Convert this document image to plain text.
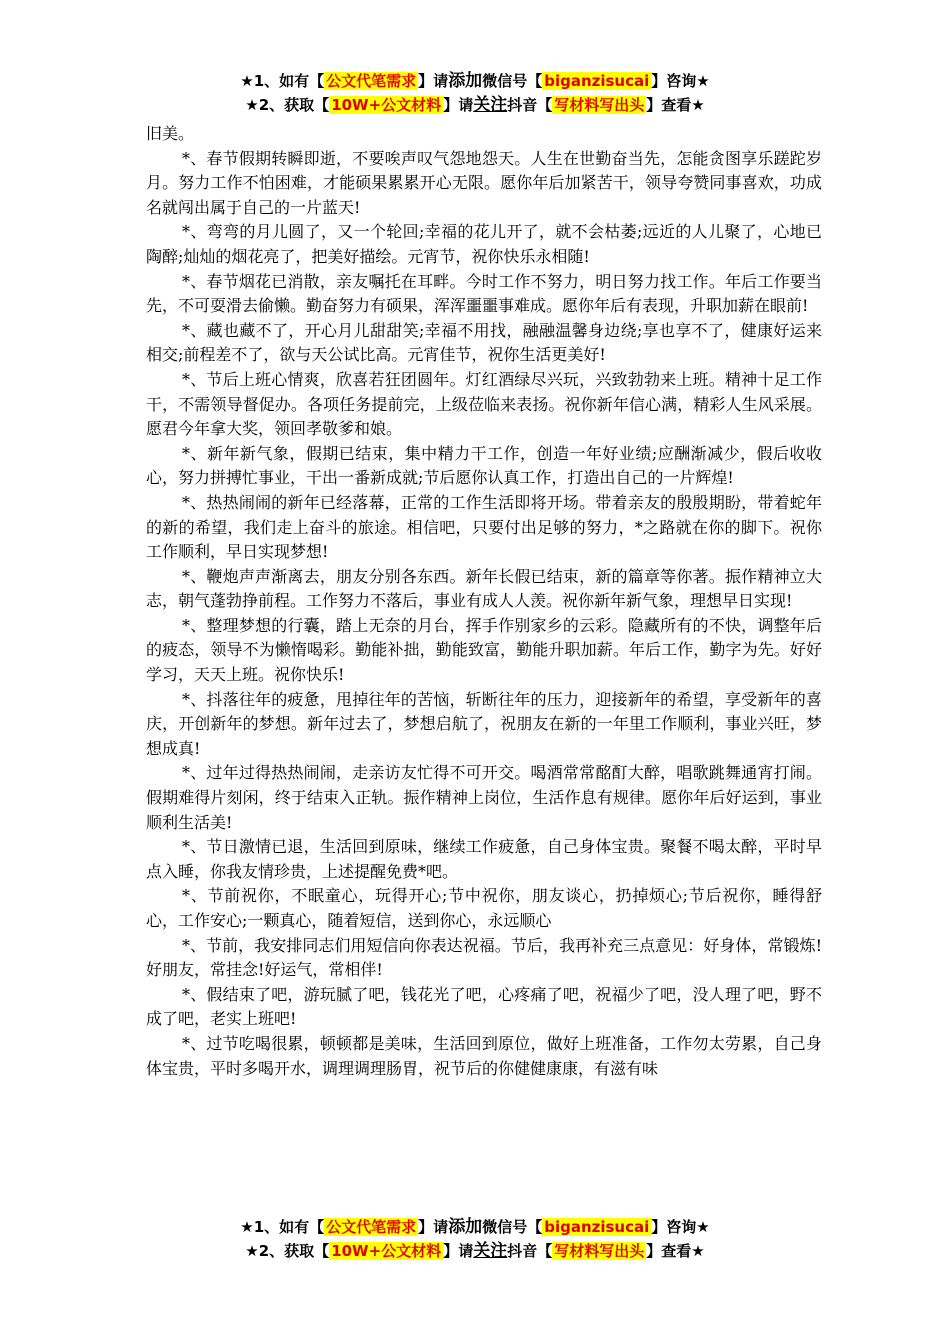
★1、如有【 公文代笔需求 】请添加微信号【 biganzisucai 】咨询★
★2、获取【 10W+公文材料 】请关注抖音【 写材料写出头 】查看★

旧美。

*、春节假期转瞬即逝，不要唉声叹气怨地怨天。人生在世勤奋当先，怎能贪图享乐蹉跎岁月。努力工作不怕困难，才能硕果累累开心无限。愿你年后加紧苦干，领导夸赞同事喜欢，功成名就闯出属于自己的一片蓝天!

*、弯弯的月儿圆了，又一个轮回;幸福的花儿开了，就不会枯萎;远近的人儿聚了，心地已陶醉;灿灿的烟花亮了，把美好描绘。元宵节，祝你快乐永相随!

*、春节烟花已消散，亲友嘱托在耳畔。今时工作不努力，明日努力找工作。年后工作要当先，不可耍滑去偷懒。勤奋努力有硕果，浑浑噩噩事难成。愿你年后有表现，升职加薪在眼前!

*、藏也藏不了，开心月儿甜甜笑;幸福不用找，融融温馨身边绕;享也享不了，健康好运来相交;前程差不了，欲与天公试比高。元宵佳节，祝你生活更美好!

*、节后上班心情爽，欣喜若狂团圆年。灯红酒绿尽兴玩，兴致勃勃来上班。精神十足工作干，不需领导督促办。各项任务提前完，上级莅临来表扬。祝你新年信心满，精彩人生风采展。愿君今年拿大奖，领回孝敬爹和娘。

*、新年新气象，假期已结束，集中精力干工作，创造一年好业绩;应酬渐减少，假后收收心，努力拼搏忙事业，干出一番新成就;节后愿你认真工作，打造出自己的一片辉煌!

*、热热闹闹的新年已经落幕，正常的工作生活即将开场。带着亲友的殷殷期盼，带着蛇年的新的希望，我们走上奋斗的旅途。相信吧，只要付出足够的努力，*之路就在你的脚下。祝你工作顺利，早日实现梦想!

*、鞭炮声声渐离去，朋友分别各东西。新年长假已结束，新的篇章等你著。振作精神立大志，朝气蓬勃挣前程。工作努力不落后，事业有成人人羡。祝你新年新气象，理想早日实现!

*、整理梦想的行囊，踏上无奈的月台，挥手作别家乡的云彩。隐藏所有的不快，调整年后的疲态，领导不为懒惰喝彩。勤能补拙，勤能致富，勤能升职加薪。年后工作，勤字为先。好好学习，天天上班。祝你快乐!

*、抖落往年的疲惫，甩掉往年的苦恼，斩断往年的压力，迎接新年的希望，享受新年的喜庆，开创新年的梦想。新年过去了，梦想启航了，祝朋友在新的一年里工作顺利，事业兴旺，梦想成真!

*、过年过得热热闹闹，走亲访友忙得不可开交。喝酒常常酩酊大醉，唱歌跳舞通宵打闹。假期难得片刻闲，终于结束入正轨。振作精神上岗位，生活作息有规律。愿你年后好运到，事业顺利生活美!

*、节日激情已退，生活回到原味，继续工作疲惫，自己身体宝贵。聚餐不喝太醉，平时早点入睡，你我友情珍贵，上述提醒免费*吧。

*、节前祝你，不眠童心，玩得开心;节中祝你，朋友谈心，扔掉烦心;节后祝你，睡得舒心，工作安心;一颗真心，随着短信，送到你心，永远顺心

*、节前，我安排同志们用短信向你表达祝福。节后，我再补充三点意见：好身体，常锻炼!好朋友，常挂念!好运气，常相伴!

*、假结束了吧，游玩腻了吧，钱花光了吧，心疼痛了吧，祝福少了吧，没人理了吧，野不成了吧，老实上班吧!

*、过节吃喝很累，顿顿都是美味，生活回到原位，做好上班准备，工作勿太劳累，自己身体宝贵，平时多喝开水，调理调理肠胃，祝节后的你健健康康，有滋有味

★1、如有【 公文代笔需求 】请添加微信号【 biganzisucai 】咨询★
★2、获取【 10W+公文材料 】请关注抖音【 写材料写出头 】查看★
